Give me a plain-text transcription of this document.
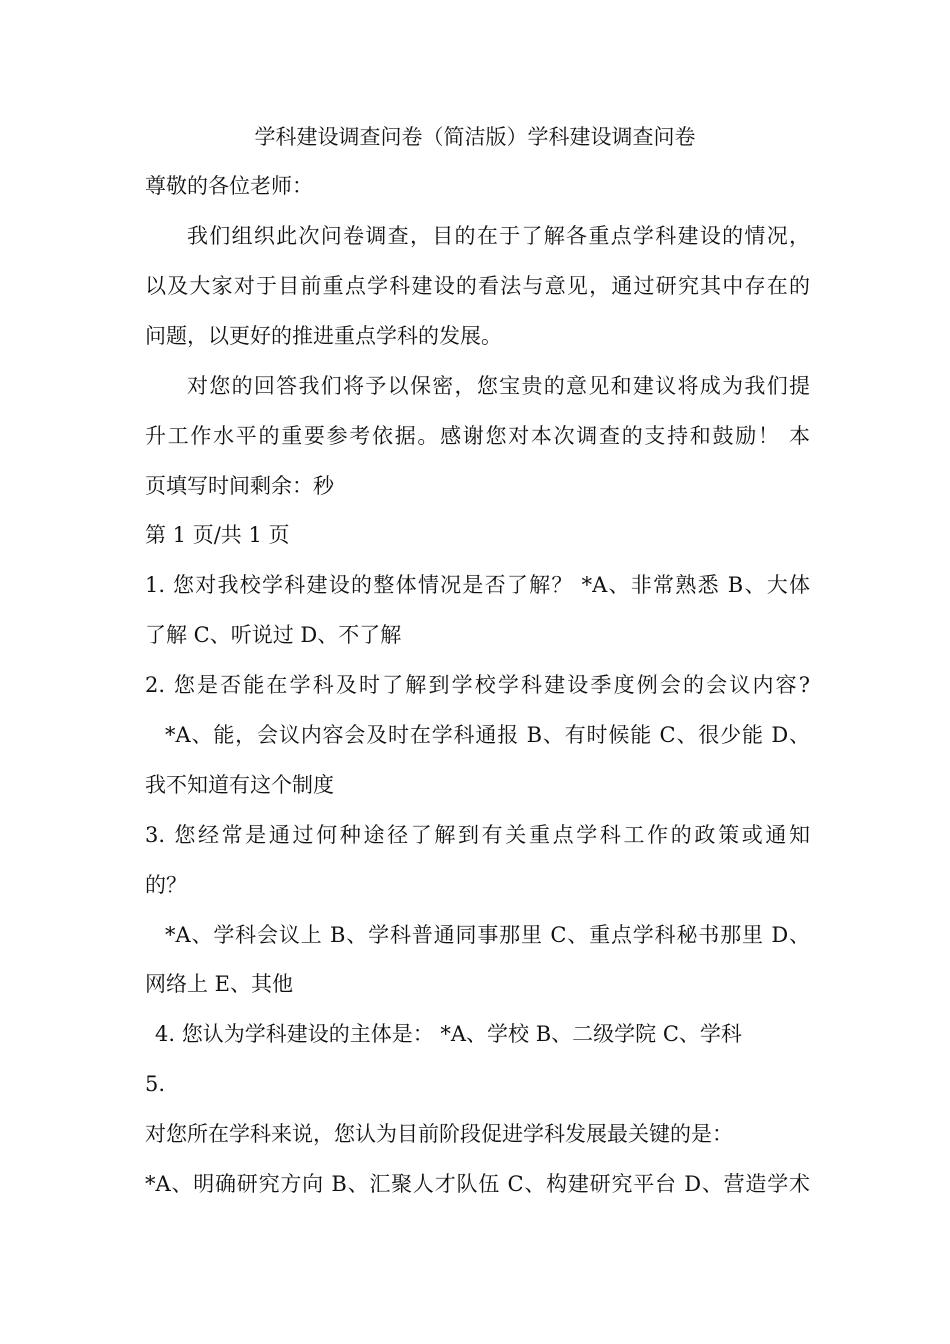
学科建设调查问卷（简洁版）学科建设调查问卷
尊敬的各位老师：
我们组织此次问卷调查，目的在于了解各重点学科建设的情况，
以及大家对于目前重点学科建设的看法与意见，通过研究其中存在的
问题，以更好的推进重点学科的发展。
对您的回答我们将予以保密，您宝贵的意见和建议将成为我们提
升工作水平的重要参考依据。感谢您对本次调查的支持和鼓励！ 本
页填写时间剩余：秒
第 1 页/共 1 页
1. 您对我校学科建设的整体情况是否了解？ *A、非常熟悉 B、大体
了解 C、听说过 D、不了解
2. 您是否能在学科及时了解到学校学科建设季度例会的会议内容?
*A、能，会议内容会及时在学科通报 B、有时候能 C、很少能 D、
我不知道有这个制度
3. 您经常是通过何种途径了解到有关重点学科工作的政策或通知
的？
*A、学科会议上 B、学科普通同事那里 C、重点学科秘书那里 D、
网络上 E、其他
4. 您认为学科建设的主体是： *A、学校 B、二级学院 C、学科
5.
对您所在学科来说，您认为目前阶段促进学科发展最关键的是：
*A、明确研究方向 B、汇聚人才队伍 C、构建研究平台 D、营造学术
